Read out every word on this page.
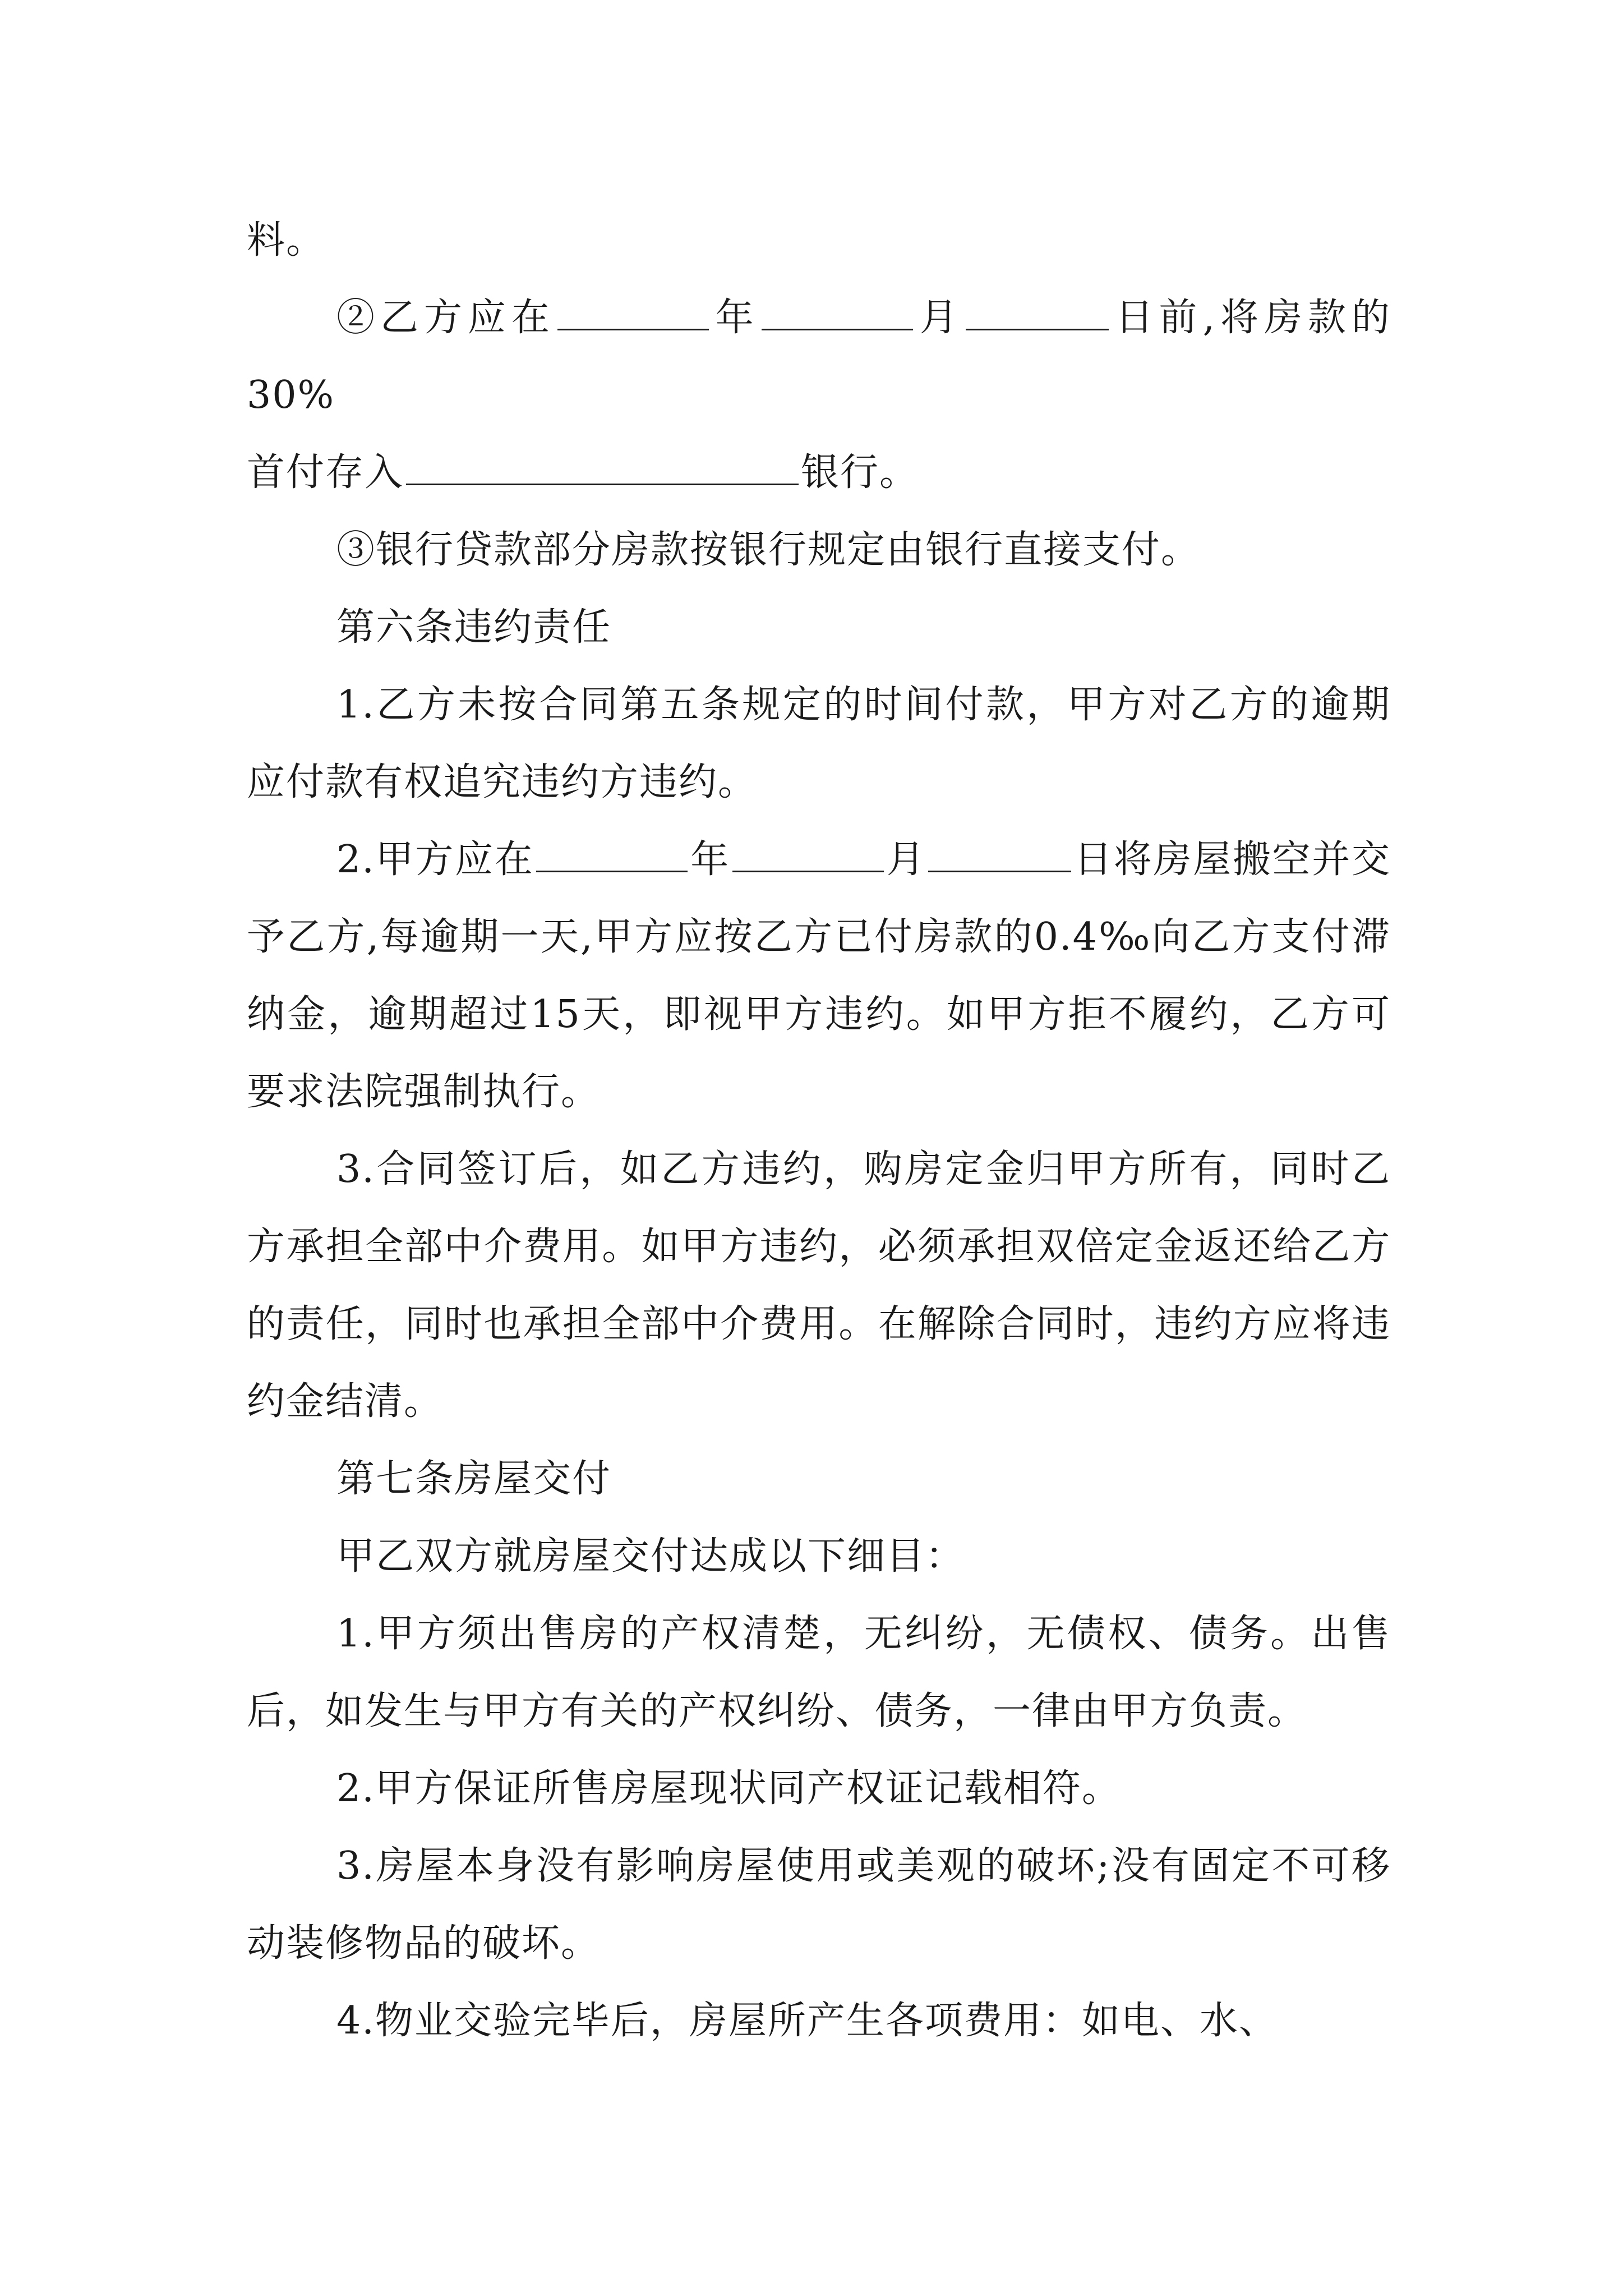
料。

②乙方应在	年	月	日前,将房款的30%

首付存入	银行。

③银行贷款部分房款按银行规定由银行直接支付。

第六条违约责任

1.乙方未按合同第五条规定的时间付款，甲方对乙方的逾期应付款有权追究违约方违约。

2.甲方应在	年	月	日将房屋搬空并交予乙方,每逾期一天,甲方应按乙方已付房款的0.4‰向乙方支付滞纳金，逾期超过15天，即视甲方违约。如甲方拒不履约，乙方可要求法院强制执行。

3.合同签订后，如乙方违约，购房定金归甲方所有，同时乙方承担全部中介费用。如甲方违约，必须承担双倍定金返还给乙方的责任，同时也承担全部中介费用。在解除合同时，违约方应将违约金结清。

第七条房屋交付

甲乙双方就房屋交付达成以下细目：

1.甲方须出售房的产权清楚，无纠纷，无债权、债务。出售后，如发生与甲方有关的产权纠纷、债务，一律由甲方负责。

2.甲方保证所售房屋现状同产权证记载相符。

3.房屋本身没有影响房屋使用或美观的破坏;没有固定不可移动装修物品的破坏。

4.物业交验完毕后，房屋所产生各项费用：如电、水、
